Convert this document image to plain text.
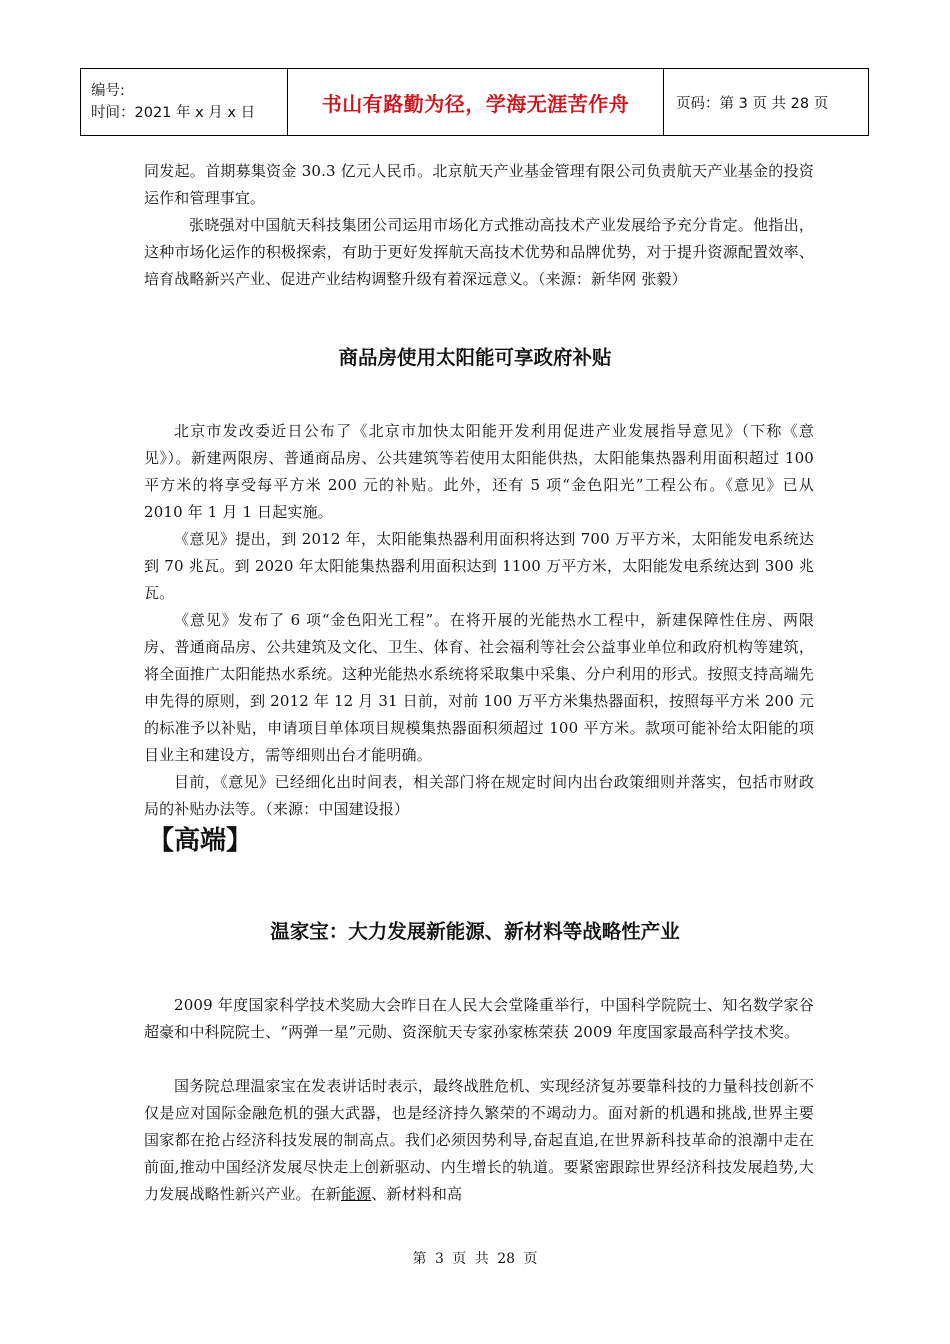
编号:
时间：2021 年 x 月 x 日	书山有路勤为径，学海无涯苦作舟	页码：第 3 页 共 28 页

同发起。首期募集资金 30.3 亿元人民币。北京航天产业基金管理有限公司负责航天产业基金的投资运作和管理事宜。

张晓强对中国航天科技集团公司运用市场化方式推动高技术产业发展给予充分肯定。他指出，这种市场化运作的积极探索，有助于更好发挥航天高技术优势和品牌优势，对于提升资源配置效率、培育战略新兴产业、促进产业结构调整升级有着深远意义。（来源：新华网 张毅）

商品房使用太阳能可享政府补贴

北京市发改委近日公布了《北京市加快太阳能开发利用促进产业发展指导意见》（下称《意见》）。新建两限房、普通商品房、公共建筑等若使用太阳能供热，太阳能集热器利用面积超过 100 平方米的将享受每平方米 200 元的补贴。此外，还有 5 项“金色阳光”工程公布。《意见》已从 2010 年 1 月 1 日起实施。

《意见》提出，到 2012 年，太阳能集热器利用面积将达到 700 万平方米，太阳能发电系统达到 70 兆瓦。到 2020 年太阳能集热器利用面积达到 1100 万平方米，太阳能发电系统达到 300 兆瓦。

《意见》发布了 6 项“金色阳光工程”。在将开展的光能热水工程中，新建保障性住房、两限房、普通商品房、公共建筑及文化、卫生、体育、社会福利等社会公益事业单位和政府机构等建筑，将全面推广太阳能热水系统。这种光能热水系统将采取集中采集、分户利用的形式。按照支持高端先申先得的原则，到 2012 年 12 月 31 日前，对前 100 万平方米集热器面积，按照每平方米 200 元的标准予以补贴，申请项目单体项目规模集热器面积须超过 100 平方米。款项可能补给太阳能的项目业主和建设方，需等细则出台才能明确。

目前，《意见》已经细化出时间表，相关部门将在规定时间内出台政策细则并落实，包括市财政局的补贴办法等。（来源：中国建设报）

【高端】
温家宝：大力发展新能源、新材料等战略性产业

2009 年度国家科学技术奖励大会昨日在人民大会堂隆重举行，中国科学院院士、知名数学家谷超豪和中科院院士、“两弹一星”元勋、资深航天专家孙家栋荣获 2009 年度国家最高科学技术奖。

国务院总理温家宝在发表讲话时表示，最终战胜危机、实现经济复苏要靠科技的力量科技创新不仅是应对国际金融危机的强大武器，也是经济持久繁荣的不竭动力。面对新的机遇和挑战,世界主要国家都在抢占经济科技发展的制高点。我们必须因势利导,奋起直追,在世界新科技革命的浪潮中走在前面,推动中国经济发展尽快走上创新驱动、内生增长的轨道。要紧密跟踪世界经济科技发展趋势,大力发展战略性新兴产业。在新能源、新材料和高

第 3 页 共 28 页
